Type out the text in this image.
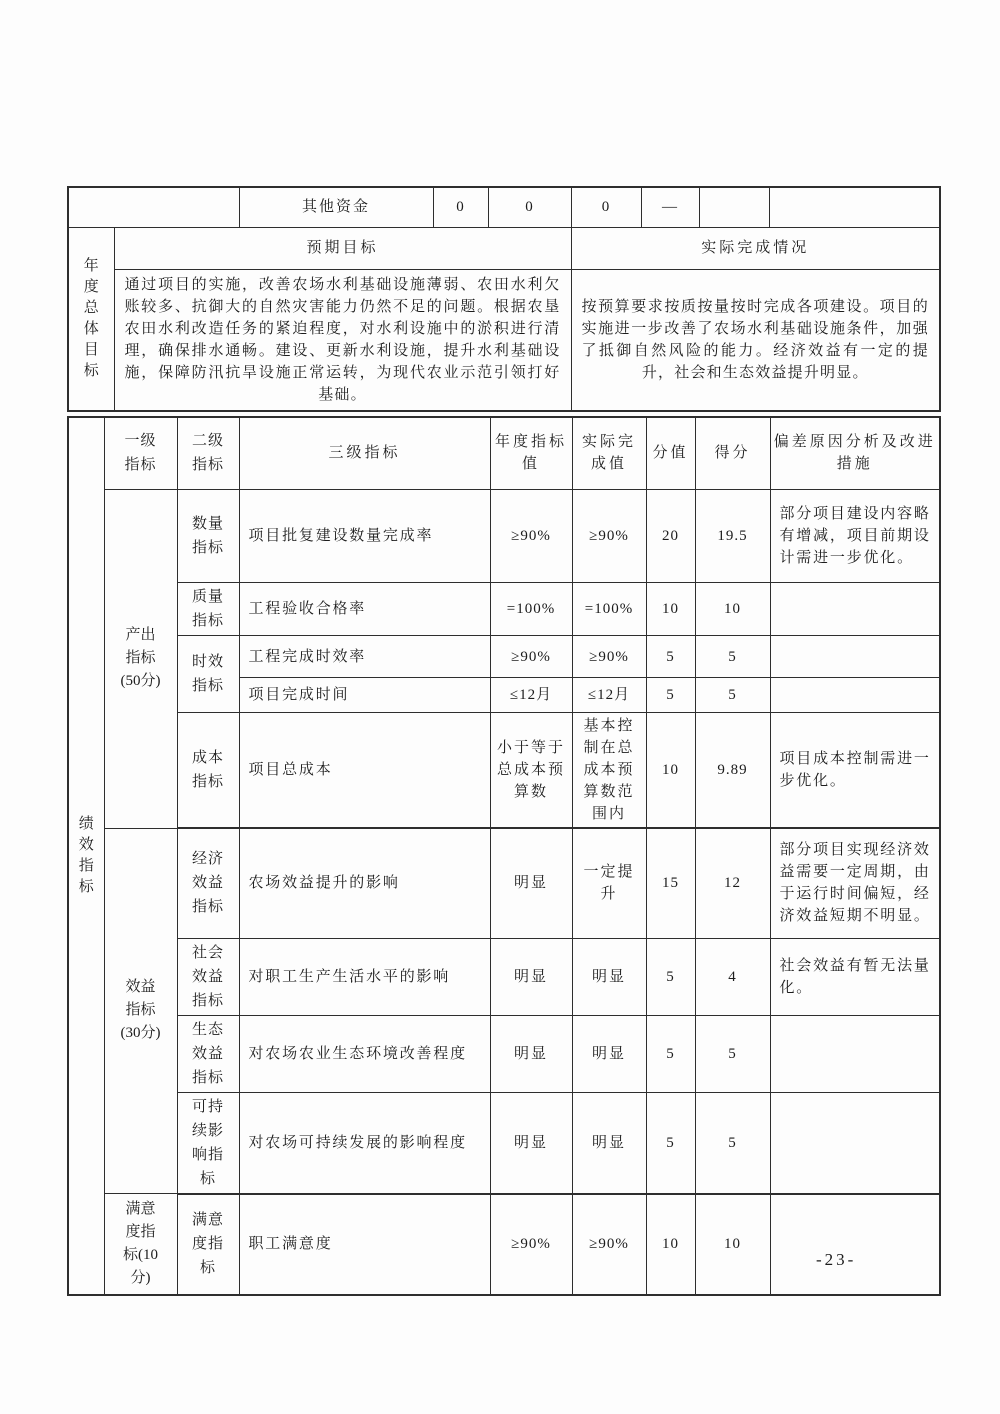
		其他资金	0	0	0	—		
年度总体目标	预期目标				实际完成情况			
	通过项目的实施，改善农场水利基础设施薄弱、农田水利欠账较多、抗御大的自然灾害能力仍然不足的问题。根据农垦农田水利改造任务的紧迫程度，对水利设施中的淤积进行清理，确保排水通畅。建设、更新水利设施，提升水利基础设施，保障防汛抗旱设施正常运转，为现代农业示范引领打好基础。				按预算要求按质按量按时完成各项建设。项目的实施进一步改善了农场水利基础设施条件，加强了抵御自然风险的能力。经济效益有一定的提升，社会和生态效益提升明显。			
绩效指标	一级指标	二级指标	三级指标	年度指标值	实际完成值	分值	得分	偏差原因分析及改进措施
	产出指标(50分)	数量指标	项目批复建设数量完成率	≥90%	≥90%	20	19.5	部分项目建设内容略有增减，项目前期设计需进一步优化。
		质量指标	工程验收合格率	=100%	=100%	10	10	
		时效指标	工程完成时效率	≥90%	≥90%	5	5	
			项目完成时间	≤12月	≤12月	5	5	
		成本指标	项目总成本	小于等于总成本预算数	基本控制在总成本预算数范围内	10	9.89	项目成本控制需进一步优化。
	效益指标(30分)	经济效益指标	农场效益提升的影响	明显	一定提升	15	12	部分项目实现经济效益需要一定周期，由于运行时间偏短，经济效益短期不明显。
		社会效益指标	对职工生产生活水平的影响	明显	明显	5	4	社会效益有暂无法量化。
		生态效益指标	对农场农业生态环境改善程度	明显	明显	5	5	
		可持续影响指标	对农场可持续发展的影响程度	明显	明显	5	5	
	满意度指标(10分)	满意度指标	职工满意度	≥90%	≥90%	10	10	
-23-
